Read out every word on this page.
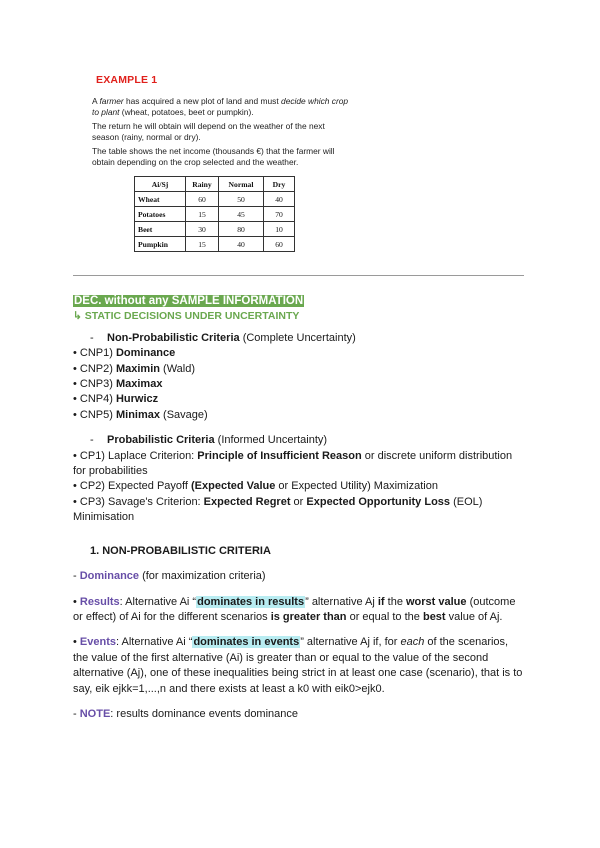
EXAMPLE 1
A farmer has acquired a new plot of land and must decide which crop to plant (wheat, potatoes, beet or pumpkin).
The return he will obtain will depend on the weather of the next season (rainy, normal or dry).
The table shows the net income (thousands €) that the farmer will obtain depending on the crop selected and the weather.
Ai/Sj	Rainy	Normal	Dry
Wheat	60	50	40
Potatoes	15	45	70
Beet	30	80	10
Pumpkin	15	40	60
DEC. without any SAMPLE INFORMATION
↳ STATIC DECISIONS UNDER UNCERTAINTY
- Non-Probabilistic Criteria (Complete Uncertainty)
• CNP1) Dominance
• CNP2) Maximin (Wald)
• CNP3) Maximax
• CNP4) Hurwicz
• CNP5) Minimax (Savage)
- Probabilistic Criteria (Informed Uncertainty)
• CP1) Laplace Criterion: Principle of Insufficient Reason or discrete uniform distribution for probabilities
• CP2) Expected Payoff (Expected Value or Expected Utility) Maximization
• CP3) Savage's Criterion: Expected Regret or Expected Opportunity Loss (EOL) Minimisation
1. NON-PROBABILISTIC CRITERIA
- Dominance (for maximization criteria)
• Results: Alternative Ai “dominates in results” alternative Aj if the worst value (outcome or effect) of Ai for the different scenarios is greater than or equal to the best value of Aj.
• Events: Alternative Ai “dominates in events” alternative Aj if, for each of the scenarios, the value of the first alternative (Ai) is greater than or equal to the value of the second alternative (Aj), one of these inequalities being strict in at least one case (scenario), that is to say, eik ejkk=1,...,n and there exists at least a k0 with eik0>ejk0.
- NOTE: results dominance events dominance
